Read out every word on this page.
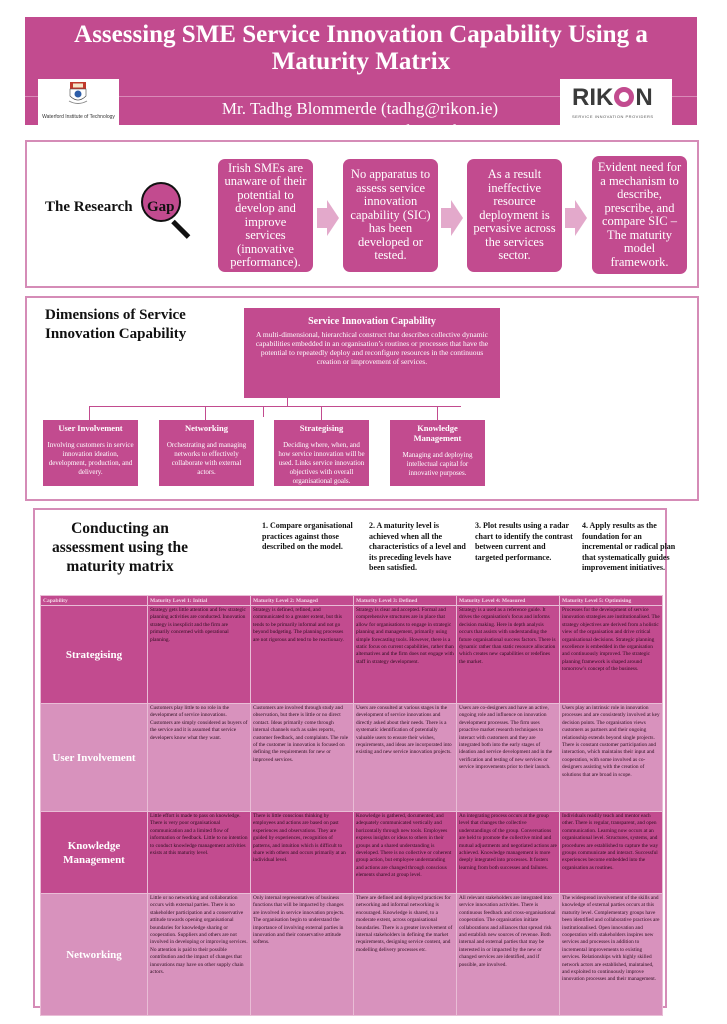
Assessing SME Service Innovation Capability Using a Maturity Matrix
Mr. Tadhg Blommerde (tadhg@rikon.ie)
Supervisor: Dr. Patrick Lynch
Waterford Institute of Technology
RIK N
SERVICE INNOVATION PROVIDERS
The Research Gap
Irish SMEs are unaware of their potential to develop and improve services (innovative performance).
No apparatus to assess service innovation capability (SIC) has been developed or tested.
As a result ineffective resource deployment is pervasive across the services sector.
Evident need for a mechanism to describe, prescribe, and compare SIC – The maturity model framework.
Dimensions of Service Innovation Capability
Service Innovation Capability
A multi-dimensional, hierarchical construct that describes collective dynamic capabilities embedded in an organisation’s routines or processes that have the potential to repeatedly deploy and reconfigure resources in the continuous creation or improvement of services.
User Involvement
Involving customers in service innovation ideation, development, production, and delivery.
Networking
Orchestrating and managing networks to effectively collaborate with external actors.
Strategising
Deciding where, when, and how service innovation will be used. Links service innovation objectives with overall organisational goals.
Knowledge Management
Managing and deploying intellectual capital for innovative purposes.
Conducting an assessment using the maturity matrix
1. Compare organisational practices against those described on the model.
2. A maturity level is achieved when all the characteristics of a level and its preceding levels have been satisfied.
3. Plot results using a radar chart to identify the contrast between current and targeted performance.
4. Apply results as the foundation for an incremental or radical plan that systematically guides improvement initiatives.
Capability	Maturity Level 1: Initial	Maturity Level 2: Managed	Maturity Level 3: Defined	Maturity Level 4: Measured	Maturity Level 5: Optimising
Strategising	Strategy gets little attention and few strategic planning activities are conducted. Innovation strategy is inexplicit and the firm are primarily concerned with operational planning.	Strategy is defined, refined, and communicated to a greater extent, but this tends to be primarily informal and not go beyond budgeting. The planning processes are not rigorous and tend to be reactionary.	Strategy is clear and accepted. Formal and comprehensive structures are in place that allow for organisations to engage in strategic planning and management, primarily using simple forecasting tools. However, there is a static focus on current capabilities, rather than alternatives and the firm does not engage with staff in strategy development.	Strategy is a used as a reference guide. It drives the organisation's focus and informs decision making. Here in depth analysis occurs that assists with understanding the future organisational success factors. There is dynamic rather than static resource allocation which creates new capabilities or redefines the market.	Processes for the development of service innovation strategies are institutionalised. The strategy objectives are derived from a holistic view of the organisation and drive critical organisational decisions. Strategic planning excellence is embedded in the organisation and continuously improved. The strategic planning framework is shaped around tomorrow’s concept of the business.
User Involvement	Customers play little to no role in the development of service innovations. Customers are simply considered as buyers of the service and it is assumed that service developers know what they want.	Customers are involved through study and observation, but there is little or no direct contact. Ideas primarily come through internal channels such as sales reports, customer feedback, and complaints. The role of the customer in innovation is focused on defining the requirements for new or improved services.	Users are consulted at various stages in the development of service innovations and directly asked about their needs. There is a systematic identification of potentially valuable users to ensure their wishes, requirements, and ideas are incorporated into existing and new service innovation projects.	Users are co-designers and have an active, ongoing role and influence on innovation development processes. The firm uses proactive market research techniques to interact with customers and they are integrated both into the early stages of ideation and service development and in the verification and testing of new services or service improvements prior to their launch.	Users play an intrinsic role in innovation processes and are consistently involved at key decision points. The organisation views customers as partners and their ongoing relationship extends beyond single projects. There is constant customer participation and interaction, which maintains their input and cooperation, with some involved as co-designers assisting with the creation of solutions that are broad in scope.
Knowledge Management	Little effort is made to pass on knowledge. There is very poor organisational communication and a limited flow of information or feedback. Little to no intention to conduct knowledge management activities exists at this maturity level.	There is little conscious thinking by employees and actions are based on past experiences and observations. They are guided by experiences, recognition of patterns, and intuition which is difficult to share with others and occurs primarily at an individual level.	Knowledge is gathered, documented, and adequately communicated vertically and horizontally through new tools. Employees express insights or ideas to others in their groups and a shared understanding is developed. There is no collective or coherent group action, but employee understanding and actions are changed through conscious elements shared at group level.	An integrating process occurs at the group level that changes the collective understandings of the group. Conversations are held to promote the collective mind and mutual adjustments and negotiated actions are achieved. Knowledge management is more deeply integrated into processes. It fosters learning from both successes and failures.	Individuals readily teach and mentor each other. There is regular, transparent, and open communication. Learning now occurs at an organisational level. Structures, systems, and procedures are established to capture the way groups communicate and interact. Successful experiences become embedded into the organisation as routines.
Networking	Little or no networking and collaboration occurs with external parties. There is no stakeholder participation and a conservative attitude towards opening organisational boundaries for knowledge sharing or cooperation. Suppliers and others are not involved in developing or improving services. No attention is paid to their possible contribution and the impact of changes that innovations may have on other supply chain actors.	Only internal representatives of business functions that will be impacted by changes are involved in service innovation projects. The organisation begin to understand the importance of involving external parties in innovation and their conservative attitude softens.	There are defined and deployed practices for networking and informal networking is encouraged. Knowledge is shared, to a moderate extent, across organisational boundaries. There is a greater involvement of internal stakeholders in defining the market requirements, designing service content, and modelling delivery processes etc.	All relevant stakeholders are integrated into service innovation activities. There is continuous feedback and cross-organisational cooperation. The organisation initiate collaborations and alliances that spread risk and establish new sources of revenue. Both internal and external parties that may be interested in or impacted by the new or changed services are identified, and if possible, are involved.	The widespread involvement of the skills and knowledge of external parties occurs at this maturity level. Complementary groups have been identified and collaborative practices are institutionalised. Open innovation and cooperation with stakeholders inspires new services and processes in addition to incremental improvements to existing services. Relationships with highly skilled network actors are established, maintained, and exploited to continuously improve innovation processes and their management.
